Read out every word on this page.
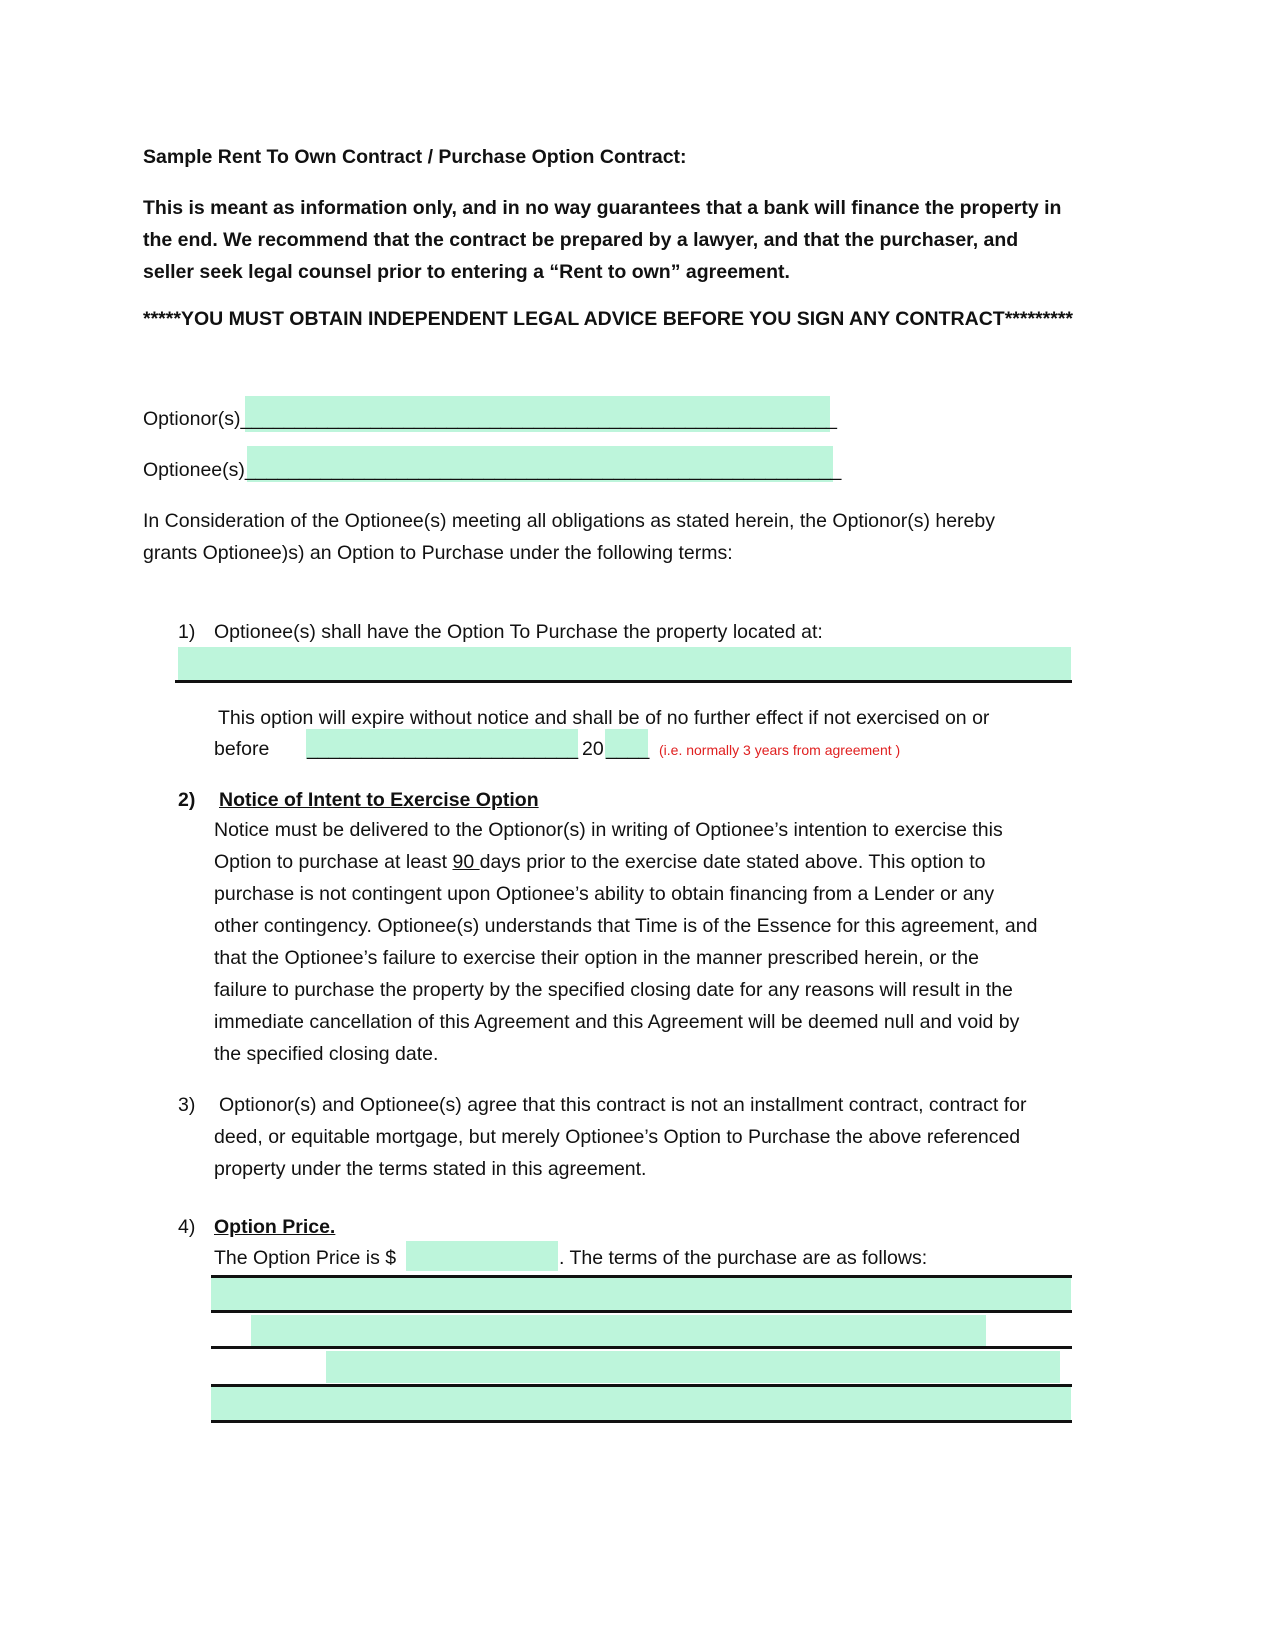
Sample Rent To Own Contract / Purchase Option Contract:
This is meant as information only, and in no way guarantees that a bank will finance the property in
the end. We recommend that the contract be prepared by a lawyer, and that the purchaser, and
seller seek legal counsel prior to entering a “Rent to own” agreement.
*****YOU MUST OBTAIN INDEPENDENT LEGAL ADVICE BEFORE YOU SIGN ANY CONTRACT*********
Optionor(s)_______________________________________________________
Optionee(s)_______________________________________________________
In Consideration of the Optionee(s) meeting all obligations as stated herein, the Optionor(s) hereby
grants Optionee)s) an Option to Purchase under the following terms:
1) Optionee(s) shall have the Option To Purchase the property located at:
This option will expire without notice and shall be of no further effect if not exercised on or
before _________________________ 20 ____ (i.e. normally 3 years from agreement )
2) Notice of Intent to Exercise Option
Notice must be delivered to the Optionor(s) in writing of Optionee’s intention to exercise this
Option to purchase at least 90 days prior to the exercise date stated above. This option to
purchase is not contingent upon Optionee’s ability to obtain financing from a Lender or any
other contingency. Optionee(s) understands that Time is of the Essence for this agreement, and
that the Optionee’s failure to exercise their option in the manner prescribed herein, or the
failure to purchase the property by the specified closing date for any reasons will result in the
immediate cancellation of this Agreement and this Agreement will be deemed null and void by
the specified closing date.
3) Optionor(s) and Optionee(s) agree that this contract is not an installment contract, contract for
deed, or equitable mortgage, but merely Optionee’s Option to Purchase the above referenced
property under the terms stated in this agreement.
4) Option Price.
The Option Price is $	. The terms of the purchase are as follows:
